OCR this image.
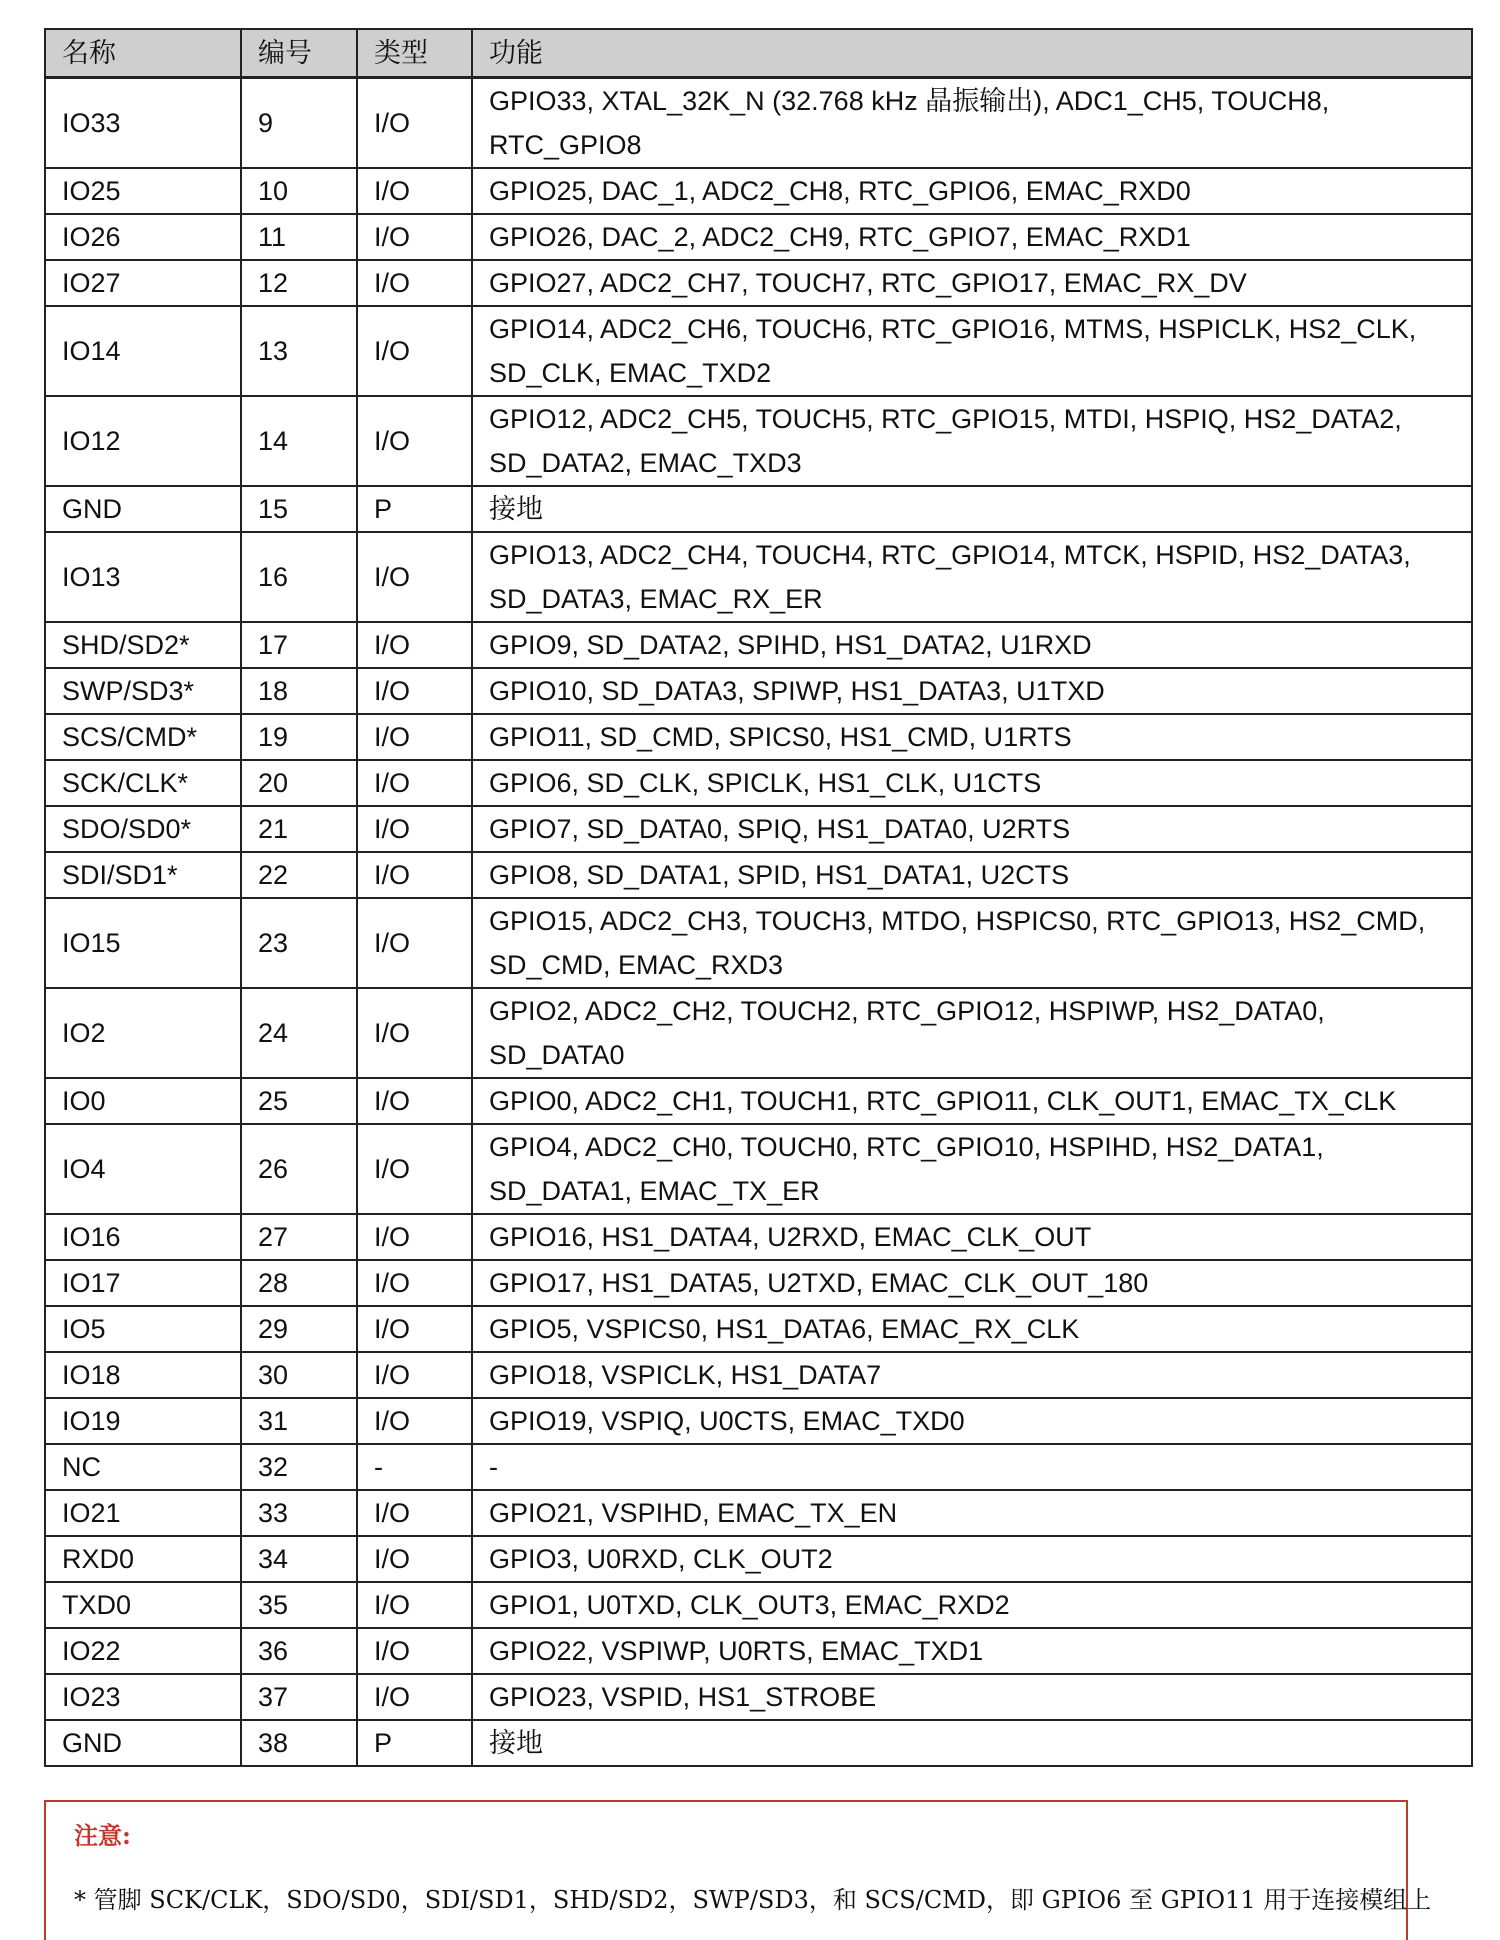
名称	编号	类型	功能
IO33	9	I/O	GPIO33, XTAL_32K_N (32.768 kHz 晶振输出), ADC1_CH5, TOUCH8,
RTC_GPIO8

IO25	10	I/O	GPIO25, DAC_1, ADC2_CH8, RTC_GPIO6, EMAC_RXD0

IO26	11	I/O	GPIO26, DAC_2, ADC2_CH9, RTC_GPIO7, EMAC_RXD1

IO27	12	I/O	GPIO27, ADC2_CH7, TOUCH7, RTC_GPIO17, EMAC_RX_DV

IO14	13	I/O	GPIO14, ADC2_CH6, TOUCH6, RTC_GPIO16, MTMS, HSPICLK, HS2_CLK,
SD_CLK, EMAC_TXD2

IO12	14	I/O	GPIO12, ADC2_CH5, TOUCH5, RTC_GPIO15, MTDI, HSPIQ, HS2_DATA2,
SD_DATA2, EMAC_TXD3

GND	15	P	接地

IO13	16	I/O	GPIO13, ADC2_CH4, TOUCH4, RTC_GPIO14, MTCK, HSPID, HS2_DATA3,
SD_DATA3, EMAC_RX_ER

SHD/SD2*	17	I/O	GPIO9, SD_DATA2, SPIHD, HS1_DATA2, U1RXD

SWP/SD3*	18	I/O	GPIO10, SD_DATA3, SPIWP, HS1_DATA3, U1TXD

SCS/CMD*	19	I/O	GPIO11, SD_CMD, SPICS0, HS1_CMD, U1RTS

SCK/CLK*	20	I/O	GPIO6, SD_CLK, SPICLK, HS1_CLK, U1CTS

SDO/SD0*	21	I/O	GPIO7, SD_DATA0, SPIQ, HS1_DATA0, U2RTS

SDI/SD1*	22	I/O	GPIO8, SD_DATA1, SPID, HS1_DATA1, U2CTS

IO15	23	I/O	GPIO15, ADC2_CH3, TOUCH3, MTDO, HSPICS0, RTC_GPIO13, HS2_CMD,
SD_CMD, EMAC_RXD3

IO2	24	I/O	GPIO2, ADC2_CH2, TOUCH2, RTC_GPIO12, HSPIWP, HS2_DATA0,
SD_DATA0

IO0	25	I/O	GPIO0, ADC2_CH1, TOUCH1, RTC_GPIO11, CLK_OUT1, EMAC_TX_CLK

IO4	26	I/O	GPIO4, ADC2_CH0, TOUCH0, RTC_GPIO10, HSPIHD, HS2_DATA1,
SD_DATA1, EMAC_TX_ER

IO16	27	I/O	GPIO16, HS1_DATA4, U2RXD, EMAC_CLK_OUT

IO17	28	I/O	GPIO17, HS1_DATA5, U2TXD, EMAC_CLK_OUT_180

IO5	29	I/O	GPIO5, VSPICS0, HS1_DATA6, EMAC_RX_CLK

IO18	30	I/O	GPIO18, VSPICLK, HS1_DATA7

IO19	31	I/O	GPIO19, VSPIQ, U0CTS, EMAC_TXD0

NC	32	-	-

IO21	33	I/O	GPIO21, VSPIHD, EMAC_TX_EN

RXD0	34	I/O	GPIO3, U0RXD, CLK_OUT2

TXD0	35	I/O	GPIO1, U0TXD, CLK_OUT3, EMAC_RXD2

IO22	36	I/O	GPIO22, VSPIWP, U0RTS, EMAC_TXD1

IO23	37	I/O	GPIO23, VSPID, HS1_STROBE

GND	38	P	接地
注意:
* 管脚 SCK/CLK，SDO/SD0，SDI/SD1，SHD/SD2，SWP/SD3，和 SCS/CMD，即 GPIO6 至 GPIO11 用于连接模组上
